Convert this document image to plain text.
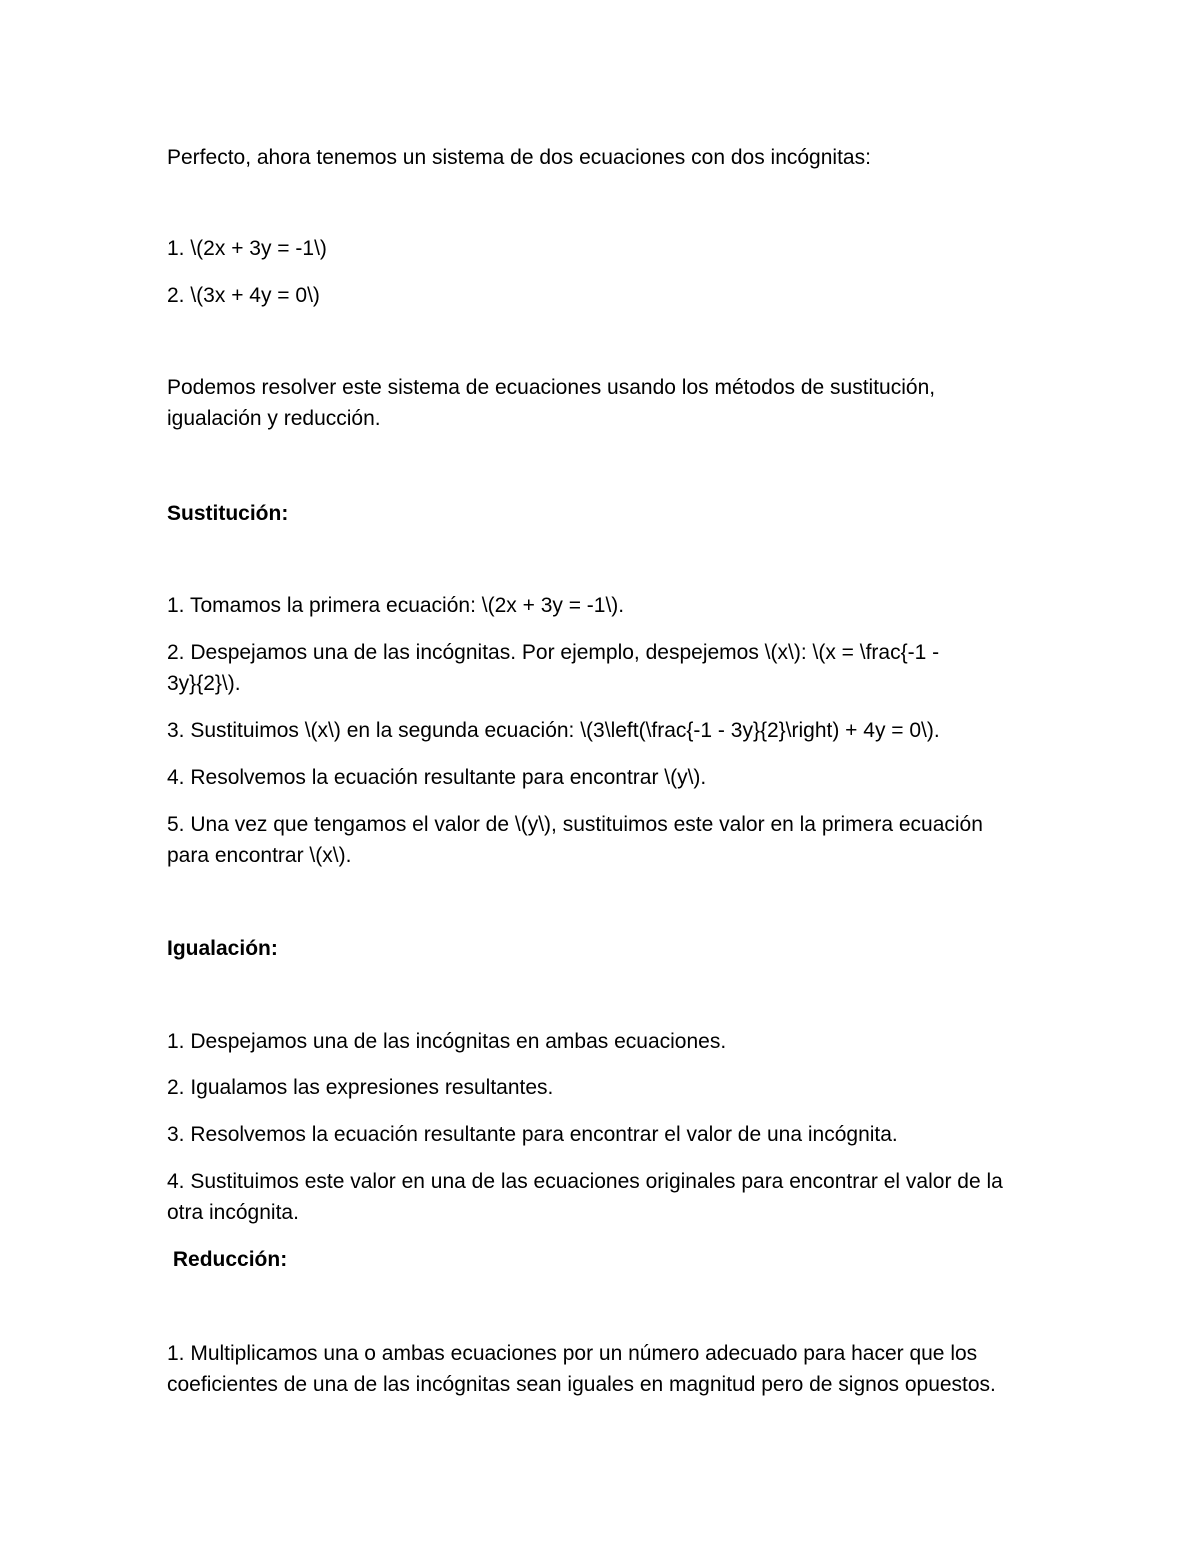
Perfecto, ahora tenemos un sistema de dos ecuaciones con dos incógnitas:

1. \(2x + 3y = -1\)

2. \(3x + 4y = 0\)

Podemos resolver este sistema de ecuaciones usando los métodos de sustitución, igualación y reducción.

Sustitución:

1. Tomamos la primera ecuación: \(2x + 3y = -1\).

2. Despejamos una de las incógnitas. Por ejemplo, despejemos \(x\): \(x = \frac{-1 - 3y}{2}\).

3. Sustituimos \(x\) en la segunda ecuación: \(3\left(\frac{-1 - 3y}{2}\right) + 4y = 0\).

4. Resolvemos la ecuación resultante para encontrar \(y\).

5. Una vez que tengamos el valor de \(y\), sustituimos este valor en la primera ecuación para encontrar \(x\).

Igualación:

1. Despejamos una de las incógnitas en ambas ecuaciones.

2. Igualamos las expresiones resultantes.

3. Resolvemos la ecuación resultante para encontrar el valor de una incógnita.

4. Sustituimos este valor en una de las ecuaciones originales para encontrar el valor de la otra incógnita.

Reducción:

1. Multiplicamos una o ambas ecuaciones por un número adecuado para hacer que los coeficientes de una de las incógnitas sean iguales en magnitud pero de signos opuestos.
